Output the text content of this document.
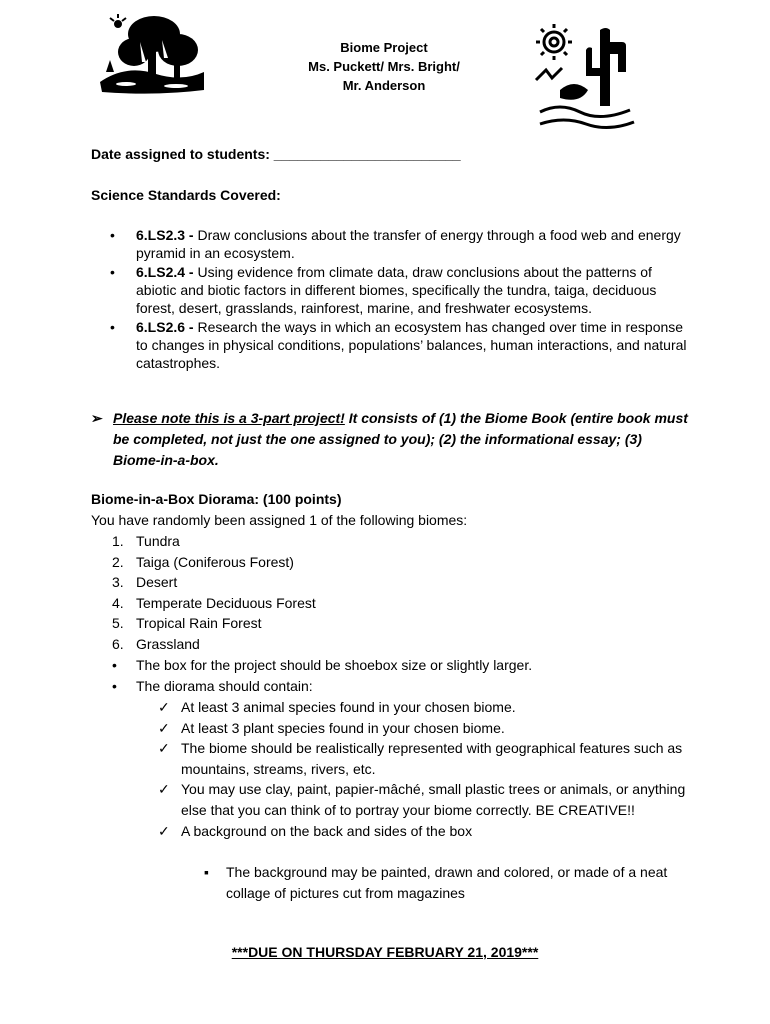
Biome Project
Ms. Puckett/ Mrs. Bright/
Mr. Anderson
Date assigned to students: ________________________
Science Standards Covered:
• 6.LS2.3 - Draw conclusions about the transfer of energy through a food web and energy pyramid in an ecosystem.
• 6.LS2.4 - Using evidence from climate data, draw conclusions about the patterns of abiotic and biotic factors in different biomes, specifically the tundra, taiga, deciduous forest, desert, grasslands, rainforest, marine, and freshwater ecosystems.
• 6.LS2.6 - Research the ways in which an ecosystem has changed over time in response to changes in physical conditions, populations’ balances, human interactions, and natural catastrophes.
➢ Please note this is a 3-part project! It consists of (1) the Biome Book (entire book must be completed, not just the one assigned to you); (2) the informational essay; (3) Biome-in-a-box.
Biome-in-a-Box Diorama: (100 points)
You have randomly been assigned 1 of the following biomes:
1. Tundra
2. Taiga (Coniferous Forest)
3. Desert
4. Temperate Deciduous Forest
5. Tropical Rain Forest
6. Grassland
• The box for the project should be shoebox size or slightly larger.
• The diorama should contain:
✓ At least 3 animal species found in your chosen biome.
✓ At least 3 plant species found in your chosen biome.
✓ The biome should be realistically represented with geographical features such as mountains, streams, rivers, etc.
✓ You may use clay, paint, papier-mâché, small plastic trees or animals, or anything else that you can think of to portray your biome correctly. BE CREATIVE!!
✓ A background on the back and sides of the box
▪ The background may be painted, drawn and colored, or made of a neat collage of pictures cut from magazines
***DUE ON THURSDAY FEBRUARY 21, 2019***
